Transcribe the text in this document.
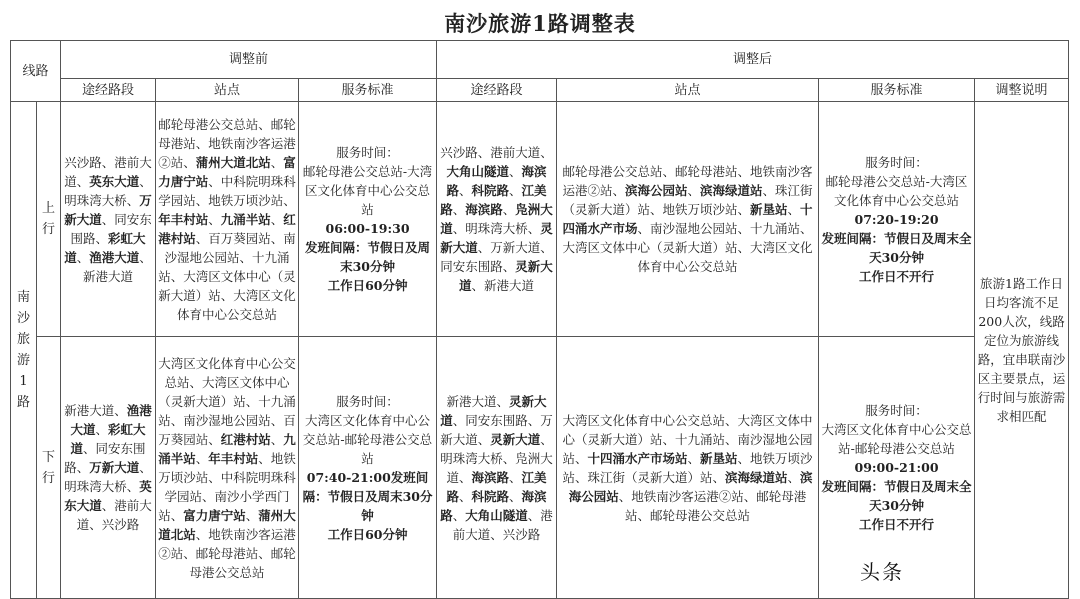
南沙旅游1路调整表
线路		调整前			调整后			
		途经路段	站点	服务标准	途经路段	站点	服务标准	调整说明
南
沙
旅
游1
路	上
行	兴沙路、港前大道、英东大道、明珠湾大桥、万新大道、同安东围路、彩虹大道、渔港大道、新港大道	邮轮母港公交总站、邮轮母港站、地铁南沙客运港②站、蒲州大道北站、富力唐宁站、中科院明珠科学园站、地铁万顷沙站、年丰村站、九涌半站、红港村站、百万葵园站、南沙湿地公园站、十九涌站、大湾区文体中心（灵新大道）站、大湾区文化体育中心公交总站	服务时间：
邮轮母港公交总站-大湾区文化体育中心公交总站
06:00-19:30
发班间隔：节假日及周末30分钟
工作日60分钟	兴沙路、港前大道、大角山隧道、海滨路、科院路、江美路、海滨路、凫洲大道、明珠湾大桥、灵新大道、万新大道、同安东围路、灵新大道、新港大道	邮轮母港公交总站、邮轮母港站、地铁南沙客运港②站、滨海公园站、滨海绿道站、珠江街（灵新大道）站、地铁万顷沙站、新垦站、十四涌水产市场、南沙湿地公园站、十九涌站、大湾区文体中心（灵新大道）站、大湾区文化体育中心公交总站	服务时间：
邮轮母港公交总站-大湾区文化体育中心公交总站
07:20-19:20
发班间隔：节假日及周末全天30分钟
工作日不开行	旅游1路工作日日均客流不足200人次，线路定位为旅游线路，宜串联南沙区主要景点，运行时间与旅游需求相匹配
	下
行	新港大道、渔港大道、彩虹大道、同安东围路、万新大道、明珠湾大桥、英东大道、港前大道、兴沙路	大湾区文化体育中心公交总站、大湾区文体中心（灵新大道）站、十九涌站、南沙湿地公园站、百万葵园站、红港村站、九涌半站、年丰村站、地铁万顷沙站、中科院明珠科学园站、南沙小学西门站、富力唐宁站、蒲州大道北站、地铁南沙客运港②站、邮轮母港站、邮轮母港公交总站	服务时间：
大湾区文化体育中心公交总站-邮轮母港公交总站
07:40-21:00发班间隔：节假日及周末30分钟
工作日60分钟	新港大道、灵新大道、同安东围路、万新大道、灵新大道、明珠湾大桥、凫洲大道、海滨路、江美路、科院路、海滨路、大角山隧道、港前大道、兴沙路	大湾区文化体育中心公交总站、大湾区文体中心（灵新大道）站、十九涌站、南沙湿地公园站、十四涌水产市场站、新垦站、地铁万顷沙站、珠江街（灵新大道）站、滨海绿道站、滨海公园站、地铁南沙客运港②站、邮轮母港站、邮轮母港公交总站	服务时间：
大湾区文化体育中心公交总站-邮轮母港公交总站
09:00-21:00
发班间隔：节假日及周末全天30分钟
工作日不开行	
头条
